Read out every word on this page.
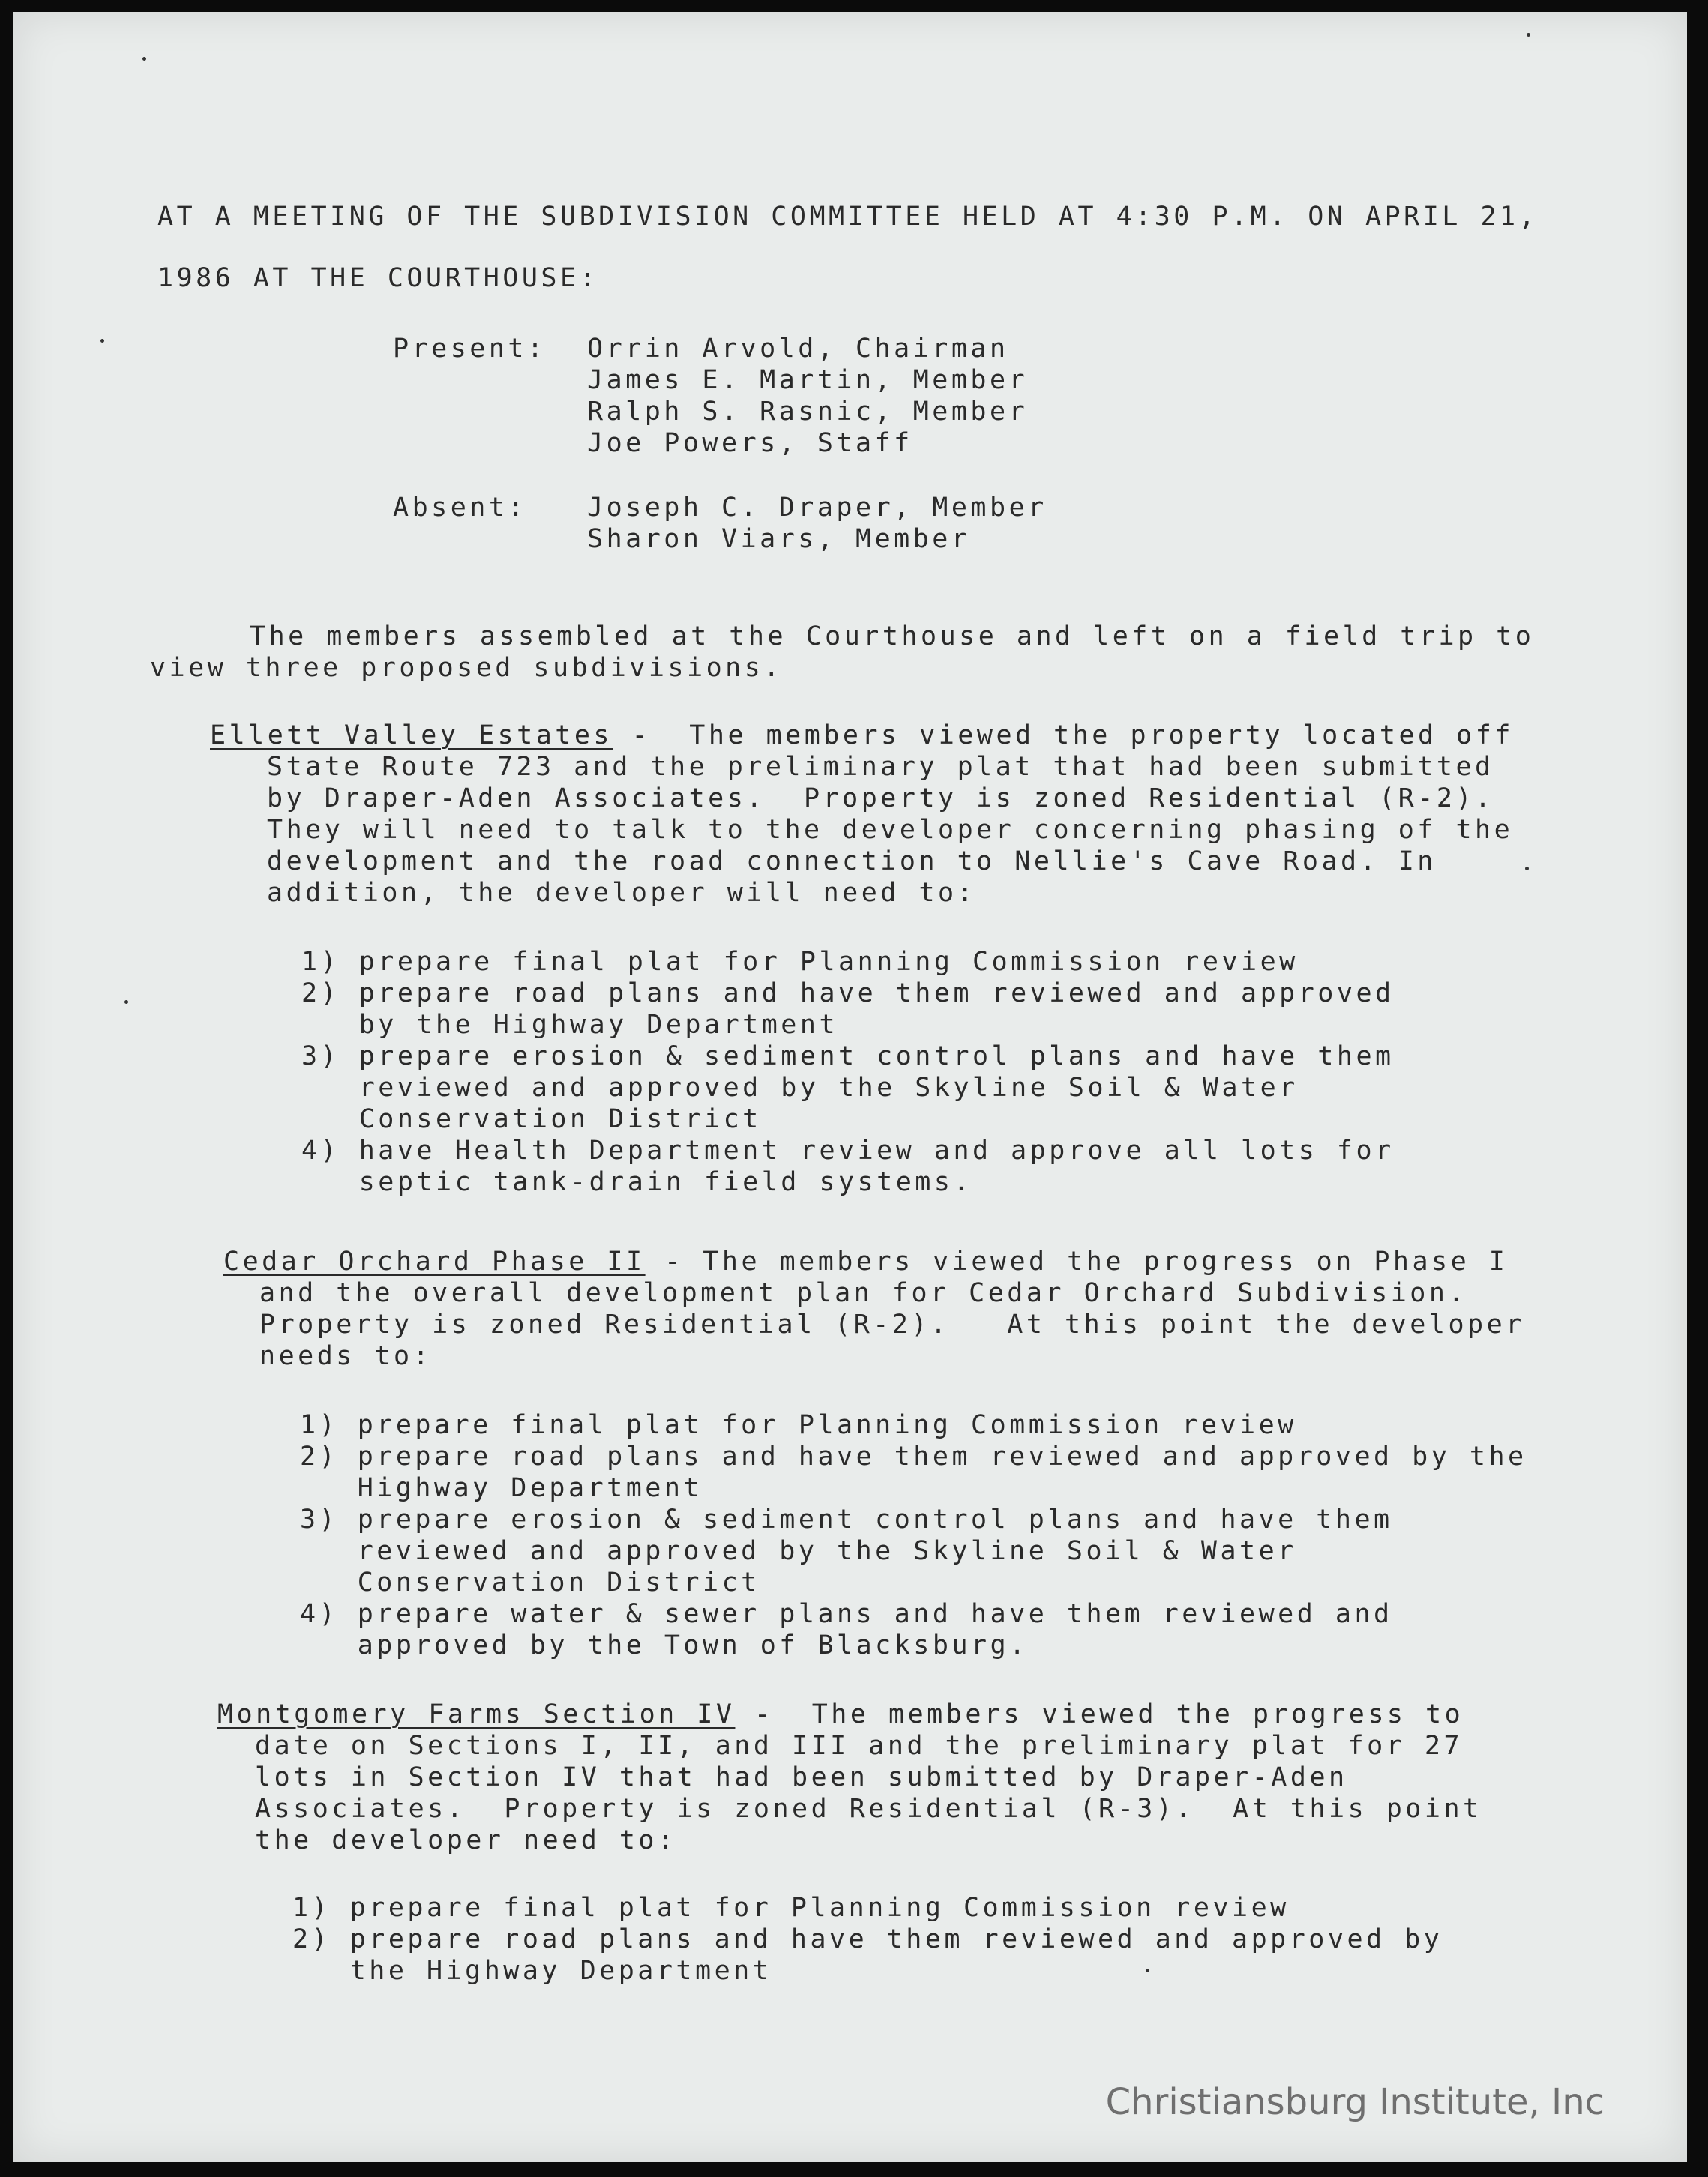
AT A MEETING OF THE SUBDIVISION COMMITTEE HELD AT 4:30 P.M. ON APRIL 21,
1986 AT THE COURTHOUSE:
Present: Orrin Arvold, Chairman
James E. Martin, Member
Ralph S. Rasnic, Member
Joe Powers, Staff
Absent: Joseph C. Draper, Member
Sharon Viars, Member
The members assembled at the Courthouse and left on a field trip to
view three proposed subdivisions.
Ellett Valley Estates -  The members viewed the property located off
State Route 723 and the preliminary plat that had been submitted
by Draper-Aden Associates.  Property is zoned Residential (R-2).
They will need to talk to the developer concerning phasing of the
development and the road connection to Nellie's Cave Road. In
addition, the developer will need to:
1) prepare final plat for Planning Commission review
2) prepare road plans and have them reviewed and approved
by the Highway Department
3) prepare erosion & sediment control plans and have them
reviewed and approved by the Skyline Soil & Water
Conservation District
4) have Health Department review and approve all lots for
septic tank-drain field systems.
Cedar Orchard Phase II - The members viewed the progress on Phase I
and the overall development plan for Cedar Orchard Subdivision.
Property is zoned Residential (R-2).   At this point the developer
needs to:
1) prepare final plat for Planning Commission review
2) prepare road plans and have them reviewed and approved by the
Highway Department
3) prepare erosion & sediment control plans and have them
reviewed and approved by the Skyline Soil & Water
Conservation District
4) prepare water & sewer plans and have them reviewed and
approved by the Town of Blacksburg.
Montgomery Farms Section IV -  The members viewed the progress to
date on Sections I, II, and III and the preliminary plat for 27
lots in Section IV that had been submitted by Draper-Aden
Associates.  Property is zoned Residential (R-3).  At this point
the developer need to:
1) prepare final plat for Planning Commission review
2) prepare road plans and have them reviewed and approved by
the Highway Department
Christiansburg Institute, Inc
